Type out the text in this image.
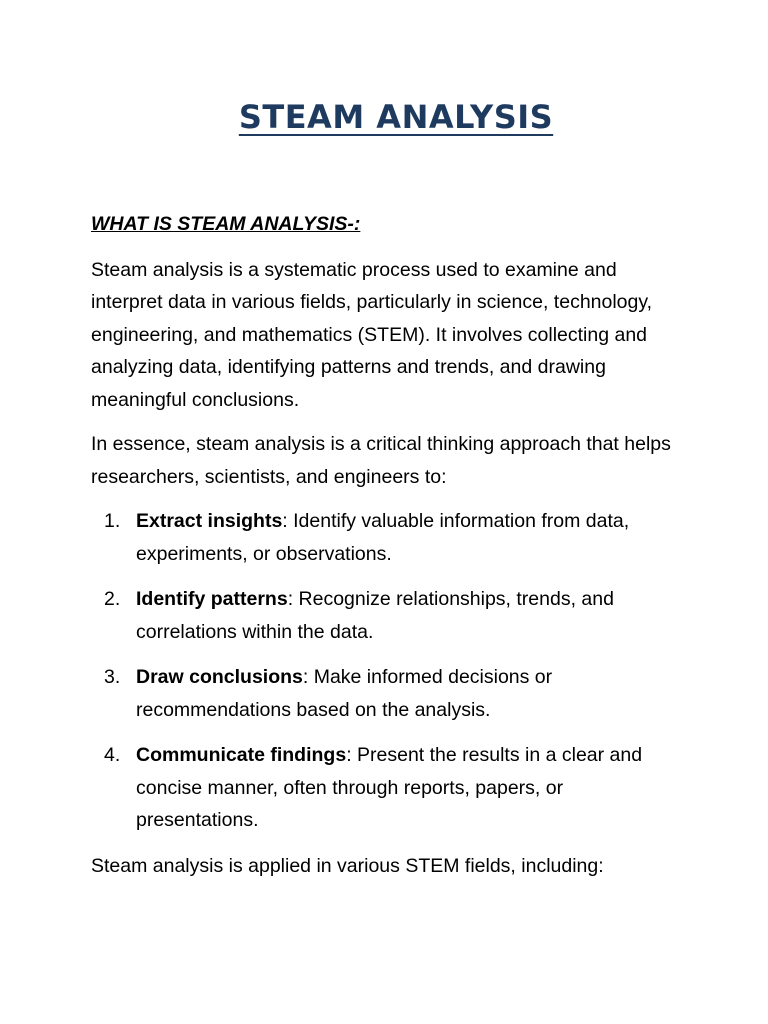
STEAM ANALYSIS

WHAT IS STEAM ANALYSIS-:

Steam analysis is a systematic process used to examine and interpret data in various fields, particularly in science, technology, engineering, and mathematics (STEM). It involves collecting and analyzing data, identifying patterns and trends, and drawing meaningful conclusions.

In essence, steam analysis is a critical thinking approach that helps researchers, scientists, and engineers to:

1. Extract insights: Identify valuable information from data, experiments, or observations.
2. Identify patterns: Recognize relationships, trends, and correlations within the data.
3. Draw conclusions: Make informed decisions or recommendations based on the analysis.
4. Communicate findings: Present the results in a clear and concise manner, often through reports, papers, or presentations.

Steam analysis is applied in various STEM fields, including:
